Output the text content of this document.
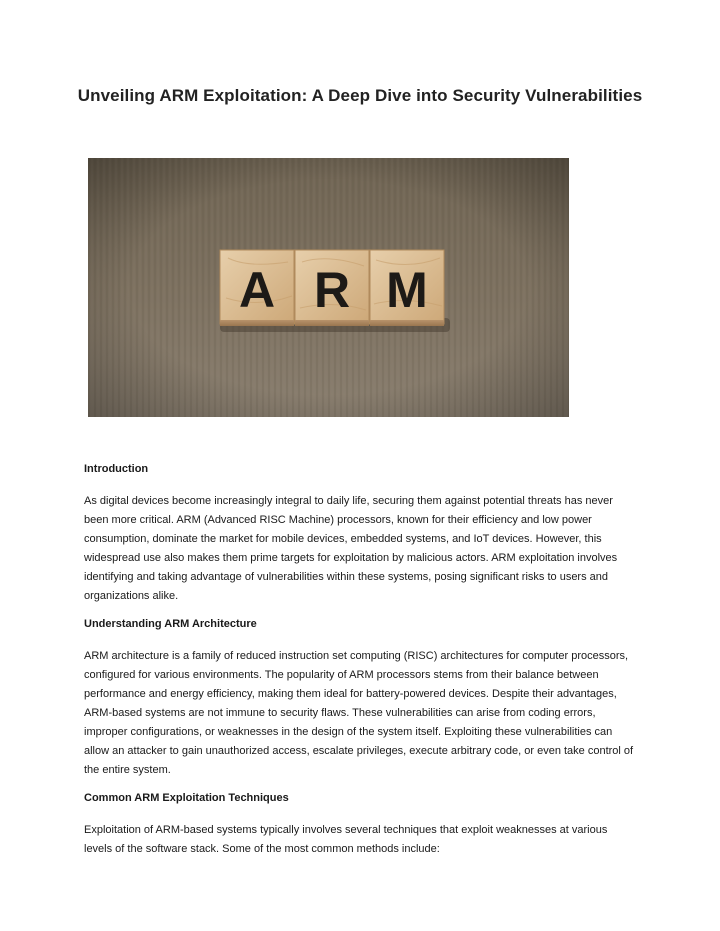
Unveiling ARM Exploitation: A Deep Dive into Security Vulnerabilities
A R M
Introduction

As digital devices become increasingly integral to daily life, securing them against potential threats has never been more critical. ARM (Advanced RISC Machine) processors, known for their efficiency and low power consumption, dominate the market for mobile devices, embedded systems, and IoT devices. However, this widespread use also makes them prime targets for exploitation by malicious actors. ARM exploitation involves identifying and taking advantage of vulnerabilities within these systems, posing significant risks to users and organizations alike.

Understanding ARM Architecture

ARM architecture is a family of reduced instruction set computing (RISC) architectures for computer processors, configured for various environments. The popularity of ARM processors stems from their balance between performance and energy efficiency, making them ideal for battery-powered devices. Despite their advantages, ARM-based systems are not immune to security flaws. These vulnerabilities can arise from coding errors, improper configurations, or weaknesses in the design of the system itself. Exploiting these vulnerabilities can allow an attacker to gain unauthorized access, escalate privileges, execute arbitrary code, or even take control of the entire system.

Common ARM Exploitation Techniques

Exploitation of ARM-based systems typically involves several techniques that exploit weaknesses at various levels of the software stack. Some of the most common methods include:
